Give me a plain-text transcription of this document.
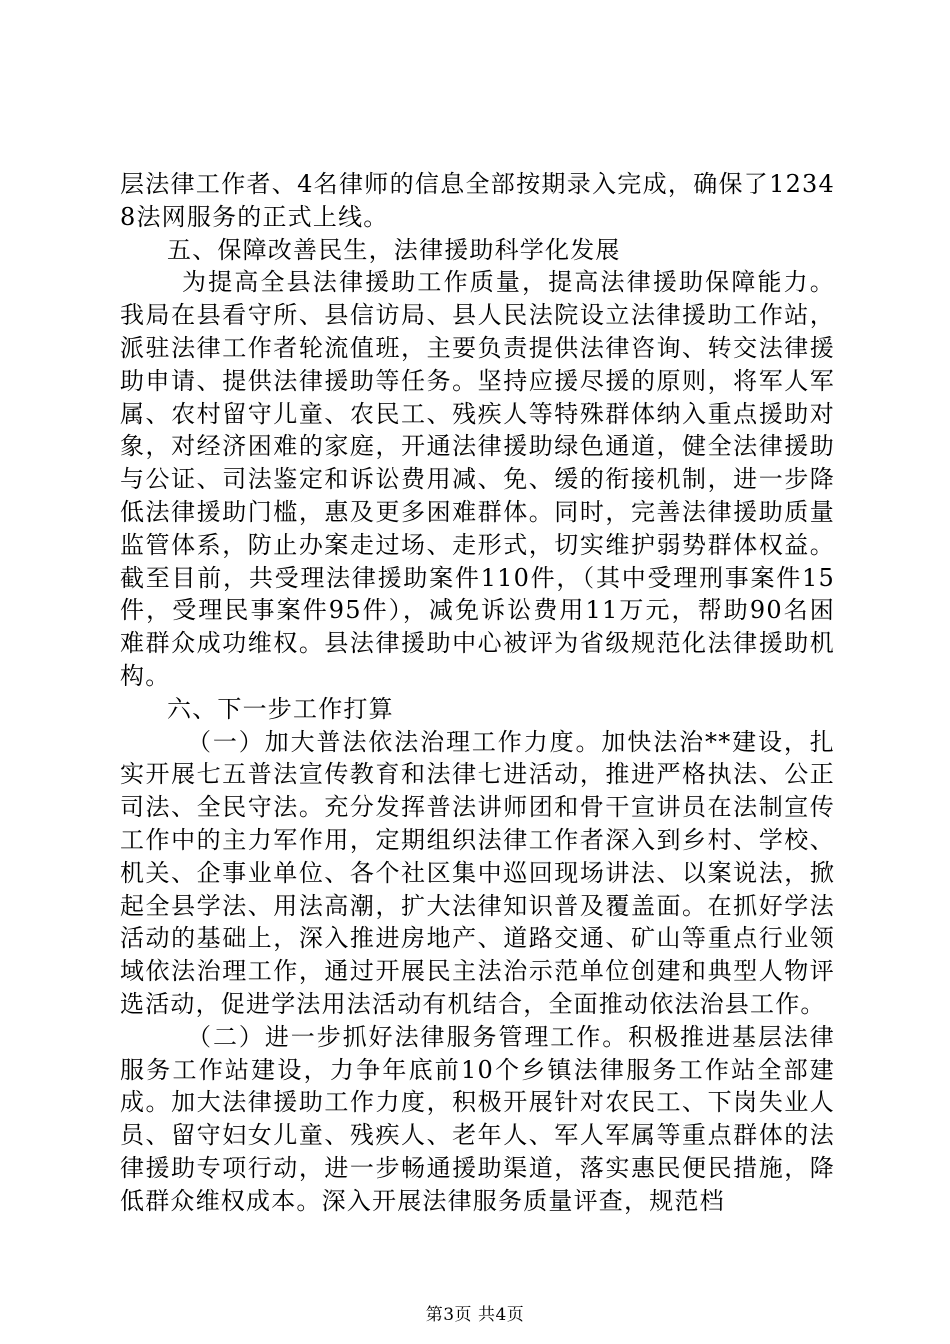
层法律工作者、4名律师的信息全部按期录入完成，确保了12348法网服务的正式上线。

五、保障改善民生，法律援助科学化发展

为提高全县法律援助工作质量，提高法律援助保障能力。我局在县看守所、县信访局、县人民法院设立法律援助工作站，派驻法律工作者轮流值班，主要负责提供法律咨询、转交法律援助申请、提供法律援助等任务。坚持应援尽援的原则，将军人军属、农村留守儿童、农民工、残疾人等特殊群体纳入重点援助对象，对经济困难的家庭，开通法律援助绿色通道，健全法律援助与公证、司法鉴定和诉讼费用减、免、缓的衔接机制，进一步降低法律援助门槛，惠及更多困难群体。同时，完善法律援助质量监管体系，防止办案走过场、走形式，切实维护弱势群体权益。截至目前，共受理法律援助案件110件，（其中受理刑事案件15件，受理民事案件95件），减免诉讼费用11万元，帮助90名困难群众成功维权。县法律援助中心被评为省级规范化法律援助机构。

六、下一步工作打算

（一）加大普法依法治理工作力度。加快法治**建设，扎实开展七五普法宣传教育和法律七进活动，推进严格执法、公正司法、全民守法。充分发挥普法讲师团和骨干宣讲员在法制宣传工作中的主力军作用，定期组织法律工作者深入到乡村、学校、机关、企事业单位、各个社区集中巡回现场讲法、以案说法，掀起全县学法、用法高潮，扩大法律知识普及覆盖面。在抓好学法活动的基础上，深入推进房地产、道路交通、矿山等重点行业领域依法治理工作，通过开展民主法治示范单位创建和典型人物评选活动，促进学法用法活动有机结合，全面推动依法治县工作。

（二）进一步抓好法律服务管理工作。积极推进基层法律服务工作站建设，力争年底前10个乡镇法律服务工作站全部建成。加大法律援助工作力度，积极开展针对农民工、下岗失业人员、留守妇女儿童、残疾人、老年人、军人军属等重点群体的法律援助专项行动，进一步畅通援助渠道，落实惠民便民措施，降低群众维权成本。深入开展法律服务质量评查，规范档

第3页 共4页
